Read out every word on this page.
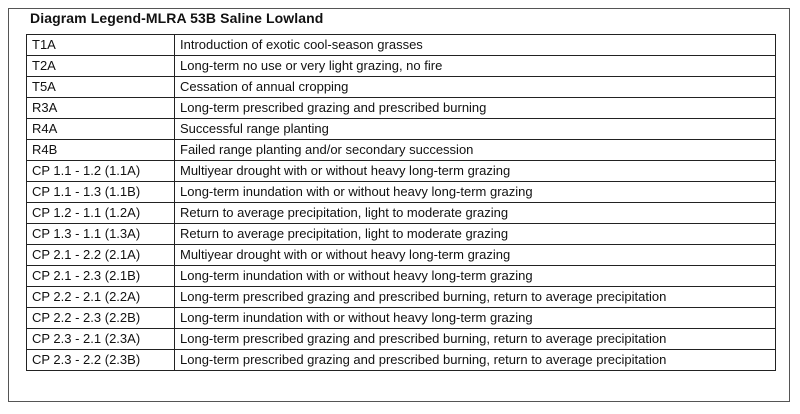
Diagram Legend-MLRA 53B Saline Lowland
T1A	Introduction of exotic cool-season grasses
T2A	Long-term no use or very light grazing, no fire
T5A	Cessation of annual cropping
R3A	Long-term prescribed grazing and prescribed burning
R4A	Successful range planting
R4B	Failed range planting and/or secondary succession
CP 1.1 - 1.2 (1.1A)	Multiyear drought with or without heavy long-term grazing
CP 1.1 - 1.3 (1.1B)	Long-term inundation with or without heavy long-term grazing
CP 1.2 - 1.1 (1.2A)	Return to average precipitation, light to moderate grazing
CP 1.3 - 1.1 (1.3A)	Return to average precipitation, light to moderate grazing
CP 2.1 - 2.2 (2.1A)	Multiyear drought with or without heavy long-term grazing
CP 2.1 - 2.3 (2.1B)	Long-term inundation with or without heavy long-term grazing
CP 2.2 - 2.1 (2.2A)	Long-term prescribed grazing and prescribed burning, return to average precipitation
CP 2.2 - 2.3 (2.2B)	Long-term inundation with or without heavy long-term grazing
CP 2.3 - 2.1 (2.3A)	Long-term prescribed grazing and prescribed burning, return to average precipitation
CP 2.3 - 2.2 (2.3B)	Long-term prescribed grazing and prescribed burning, return to average precipitation
